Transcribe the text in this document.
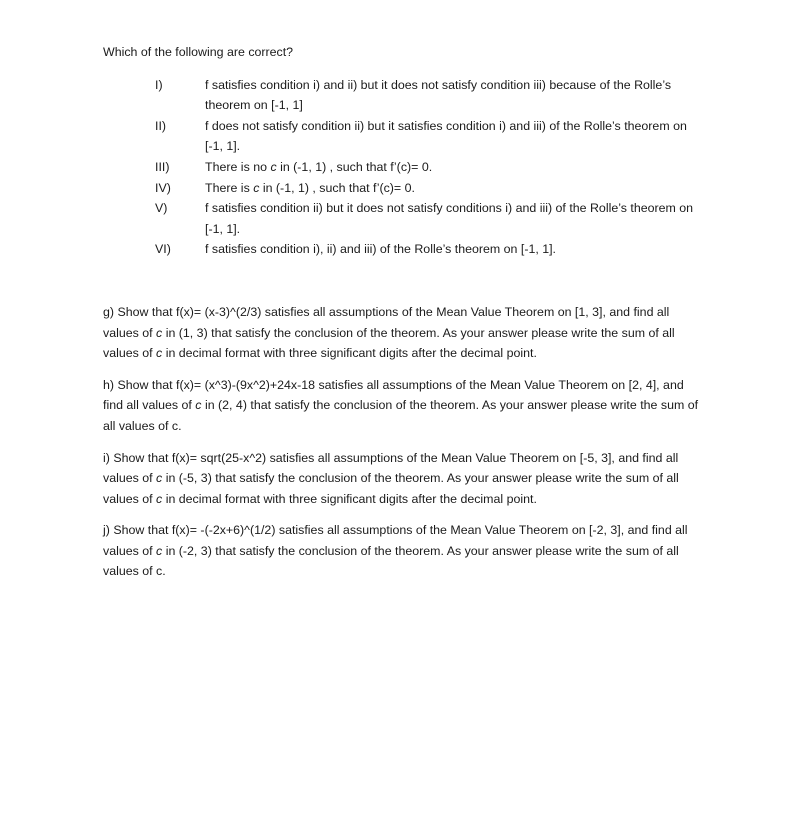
Which of the following are correct?

I)	f satisfies condition i) and ii) but it does not satisfy condition iii) because of the Rolle’s theorem on [-1, 1]
II)	f does not satisfy condition ii) but it satisfies condition i) and iii) of the Rolle’s theorem on [-1, 1].
III)	There is no c in (-1, 1) , such that f’(c)= 0.
IV)	There is c in (-1, 1) , such that f’(c)= 0.
V)	f satisfies condition ii) but it does not satisfy conditions i) and iii) of the Rolle’s theorem on [-1, 1].
VI)	f satisfies condition i), ii) and iii) of the Rolle’s theorem on [-1, 1].

g) Show that f(x)= (x-3)^(2/3) satisfies all assumptions of the Mean Value Theorem on [1, 3], and find all values of c in (1, 3) that satisfy the conclusion of the theorem. As your answer please write the sum of all values of c in decimal format with three significant digits after the decimal point.

h) Show that f(x)= (x^3)-(9x^2)+24x-18 satisfies all assumptions of the Mean Value Theorem on [2, 4], and find all values of c in (2, 4) that satisfy the conclusion of the theorem. As your answer please write the sum of all values of c.

i) Show that f(x)= sqrt(25-x^2) satisfies all assumptions of the Mean Value Theorem on [-5, 3], and find all values of c in (-5, 3) that satisfy the conclusion of the theorem. As your answer please write the sum of all values of c in decimal format with three significant digits after the decimal point.

j) Show that f(x)= -(-2x+6)^(1/2) satisfies all assumptions of the Mean Value Theorem on [-2, 3], and find all values of c in (-2, 3) that satisfy the conclusion of the theorem. As your answer please write the sum of all values of c.
